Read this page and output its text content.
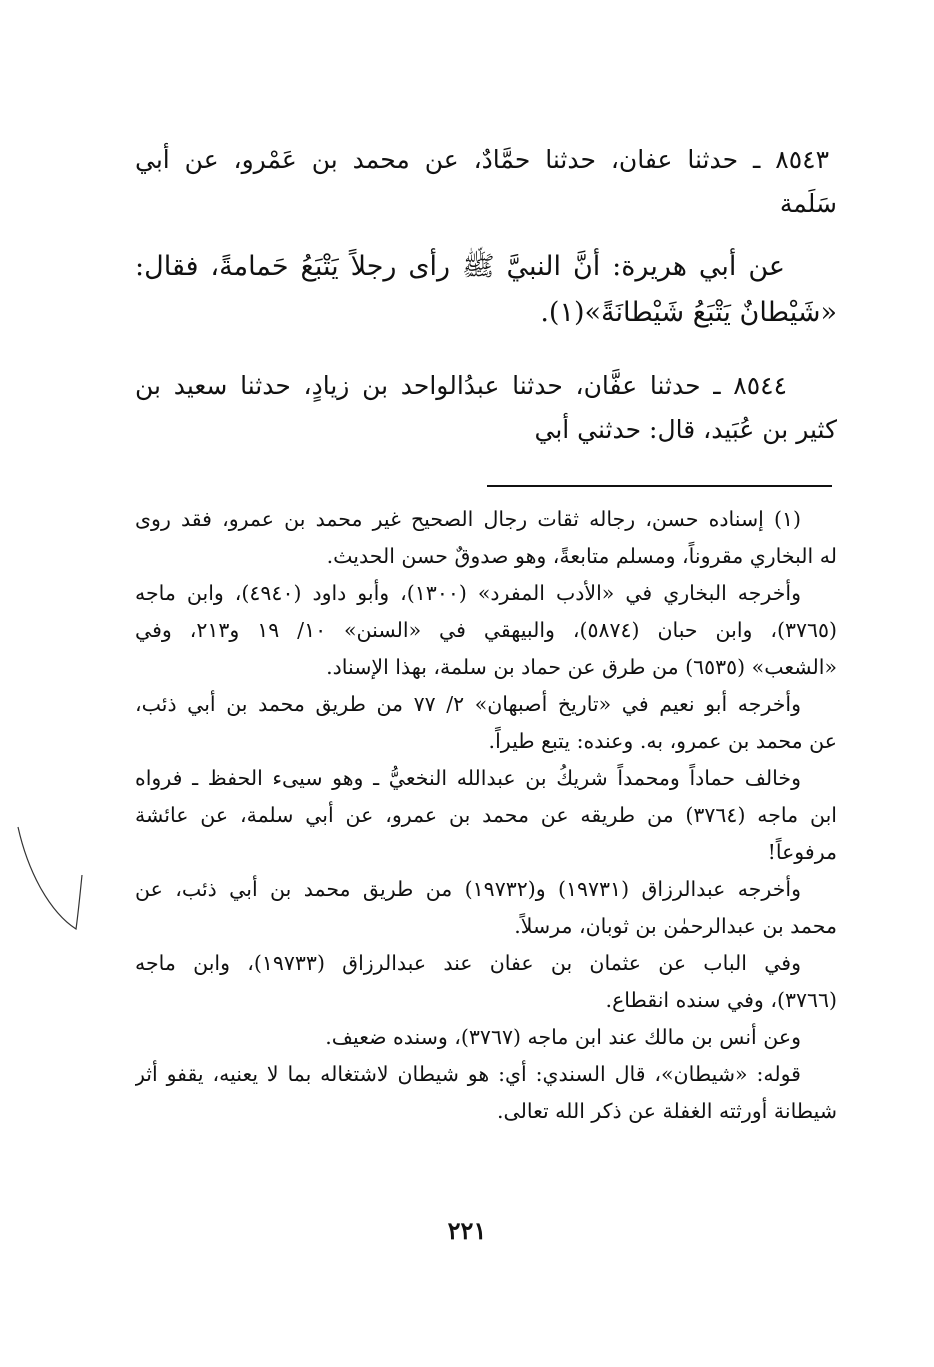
٨٥٤٣ ـ حدثنا عفان، حدثنا حمَّادٌ، عن محمد بن عَمْرو، عن أبي
سَلَمة
عن أبي هريرة: أنَّ النبيَّ ﷺ رأى رجلاً يَتْبَعُ حَمامةً، فقال:
«شَيْطانٌ يَتْبَعُ شَيْطانَةً»(١).
٨٥٤٤ ـ حدثنا عفَّان، حدثنا عبدُالواحد بن زيادٍ، حدثنا سعيد بن
كثير بن عُبَيد، قال: حدثني أبي
(١) إسناده حسن، رجاله ثقات رجال الصحيح غير محمد بن عمرو، فقد روى
له البخاري مقروناً، ومسلم متابعةً، وهو صدوقٌ حسن الحديث.
وأخرجه البخاري في «الأدب المفرد» (١٣٠٠)، وأبو داود (٤٩٤٠)، وابن ماجه
(٣٧٦٥)، وابن حبان (٥٨٧٤)، والبيهقي في «السنن» ١٠/ ١٩ و٢١٣، وفي
«الشعب» (٦٥٣٥) من طرق عن حماد بن سلمة، بهذا الإسناد.
وأخرجه أبو نعيم في «تاريخ أصبهان» ٢/ ٧٧ من طريق محمد بن أبي ذئب،
عن محمد بن عمرو، به. وعنده: يتبع طيراً.
وخالف حماداً ومحمداً شريكُ بن عبدالله النخعيُّ ـ وهو سيىء الحفظ ـ فرواه
ابن ماجه (٣٧٦٤) من طريقه عن محمد بن عمرو، عن أبي سلمة، عن عائشة
مرفوعاً!
وأخرجه عبدالرزاق (١٩٧٣١) و(١٩٧٣٢) من طريق محمد بن أبي ذئب، عن
محمد بن عبدالرحمٰن بن ثوبان، مرسلاً.
وفي الباب عن عثمان بن عفان عند عبدالرزاق (١٩٧٣٣)، وابن ماجه
(٣٧٦٦)، وفي سنده انقطاع.
وعن أنس بن مالك عند ابن ماجه (٣٧٦٧)، وسنده ضعيف.
قوله: «شيطان»، قال السندي: أي: هو شيطان لاشتغاله بما لا يعنيه، يقفو أثر
شيطانة أورثته الغفلة عن ذكر الله تعالى.
٢٢١
